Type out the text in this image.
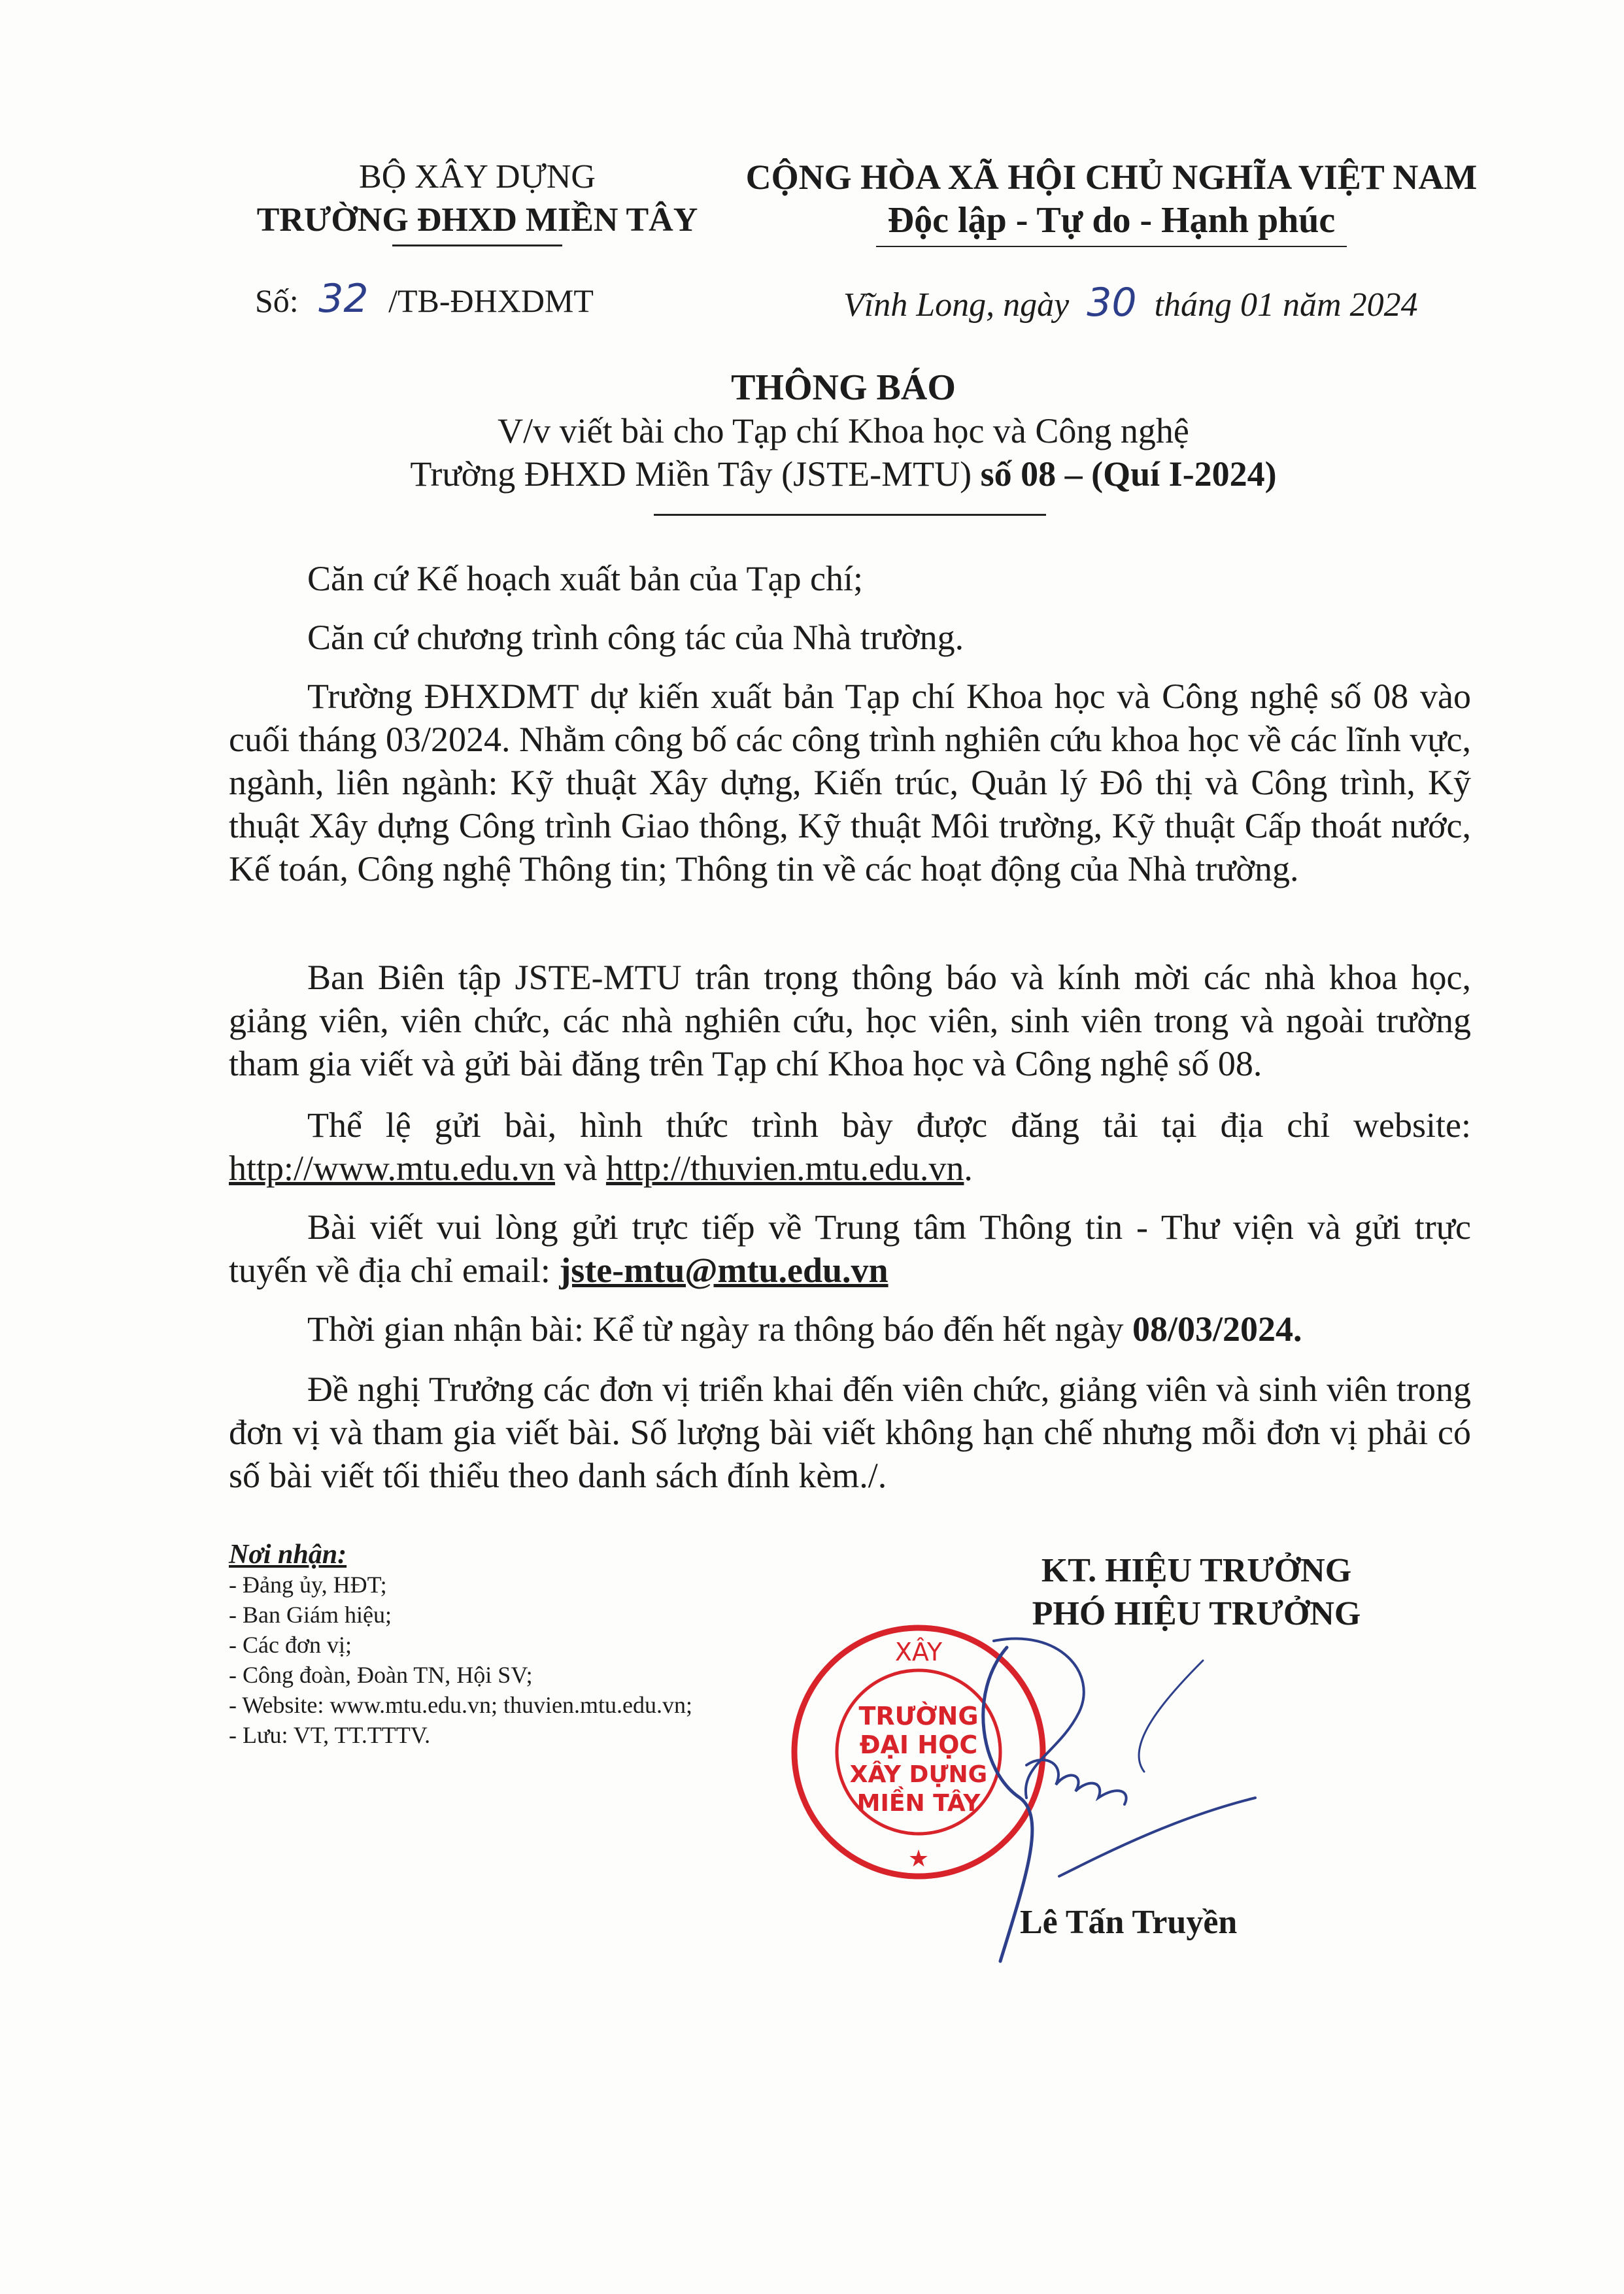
BỘ XÂY DỰNG
TRƯỜNG ĐHXD MIỀN TÂY
CỘNG HÒA XÃ HỘI CHỦ NGHĨA VIỆT NAM
Độc lập - Tự do - Hạnh phúc
Số: 32 /TB-ĐHXDMT	Vĩnh Long, ngày 30 tháng 01 năm 2024
THÔNG BÁO
V/v viết bài cho Tạp chí Khoa học và Công nghệ
Trường ĐHXD Miền Tây (JSTE-MTU) số 08 – (Quí I-2024)
Căn cứ Kế hoạch xuất bản của Tạp chí;
Căn cứ chương trình công tác của Nhà trường.
Trường ĐHXDMT dự kiến xuất bản Tạp chí Khoa học và Công nghệ số 08 vào cuối tháng 03/2024. Nhằm công bố các công trình nghiên cứu khoa học về các lĩnh vực, ngành, liên ngành: Kỹ thuật Xây dựng, Kiến trúc, Quản lý Đô thị và Công trình, Kỹ thuật Xây dựng Công trình Giao thông, Kỹ thuật Môi trường, Kỹ thuật Cấp thoát nước, Kế toán, Công nghệ Thông tin; Thông tin về các hoạt động của Nhà trường.
Ban Biên tập JSTE-MTU trân trọng thông báo và kính mời các nhà khoa học, giảng viên, viên chức, các nhà nghiên cứu, học viên, sinh viên trong và ngoài trường tham gia viết và gửi bài đăng trên Tạp chí Khoa học và Công nghệ số 08.
Thể lệ gửi bài, hình thức trình bày được đăng tải tại địa chỉ website: http://www.mtu.edu.vn và http://thuvien.mtu.edu.vn.
Bài viết vui lòng gửi trực tiếp về Trung tâm Thông tin - Thư viện và gửi trực tuyến về địa chỉ email: jste-mtu@mtu.edu.vn
Thời gian nhận bài: Kể từ ngày ra thông báo đến hết ngày 08/03/2024.
Đề nghị Trưởng các đơn vị triển khai đến viên chức, giảng viên và sinh viên trong đơn vị và tham gia viết bài. Số lượng bài viết không hạn chế nhưng mỗi đơn vị phải có số bài viết tối thiểu theo danh sách đính kèm./.
Nơi nhận:
- Đảng ủy, HĐT;
- Ban Giám hiệu;
- Các đơn vị;
- Công đoàn, Đoàn TN, Hội SV;
- Website: www.mtu.edu.vn; thuvien.mtu.edu.vn;
- Lưu: VT, TT.TTTV.
KT. HIỆU TRƯỞNG
PHÓ HIỆU TRƯỞNG
XÂY
TRƯỜNG
ĐẠI HỌC
XÂY DỰNG
MIỀN TÂY
★
Lê Tấn Truyền
